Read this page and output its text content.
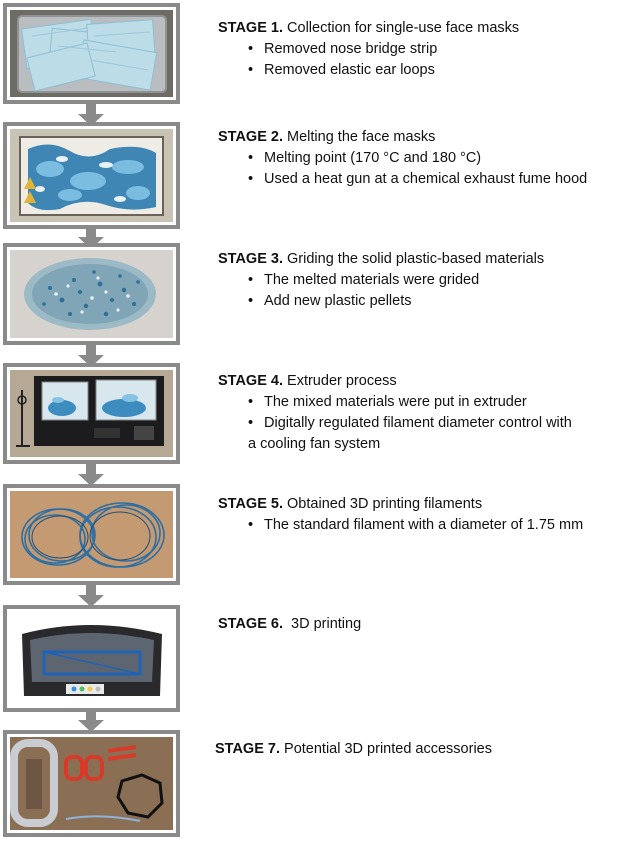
STAGE 1. Collection for single-use face masks
• Removed nose bridge strip
• Removed elastic ear loops
STAGE 2. Melting the face masks
• Melting point (170 °C and 180 °C)
• Used a heat gun at a chemical exhaust fume hood
STAGE 3. Griding the solid plastic-based materials
• The melted materials were grided
• Add new plastic pellets
STAGE 4. Extruder process
• The mixed materials were put in extruder
• Digitally regulated filament diameter control with
a cooling fan system
STAGE 5. Obtained 3D printing filaments
• The standard filament with a diameter of 1.75 mm
STAGE 6. 3D printing
STAGE 7. Potential 3D printed accessories
